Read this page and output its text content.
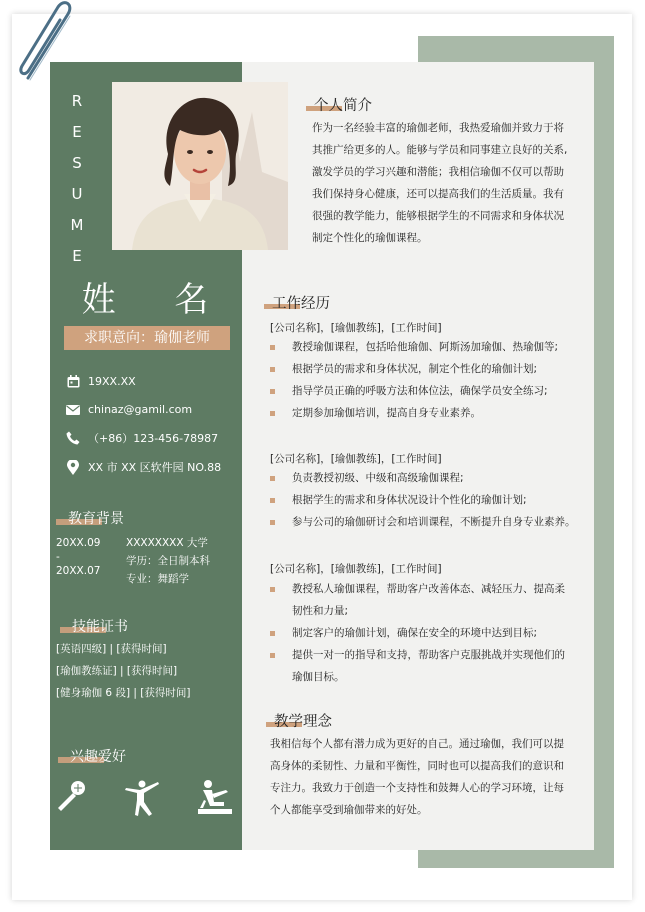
R
E
S
U
M
E
姓 名
求职意向：瑜伽老师
19XX.XX
chinaz@gamil.com
（+86）123-456-78987
XX 市 XX 区软件园 NO.88
教育背景
20XX.09
-
20XX.07
XXXXXXXX 大学
学历：全日制本科
专业：舞蹈学
技能证书
[英语四级] | [获得时间]
[瑜伽教练证] | [获得时间]
[健身瑜伽 6 段] | [获得时间]
兴趣爱好
个人简介
作为一名经验丰富的瑜伽老师，我热爱瑜伽并致力于将
其推广给更多的人。能够与学员和同事建立良好的关系,
激发学员的学习兴趣和潜能；我相信瑜伽不仅可以帮助
我们保持身心健康，还可以提高我们的生活质量。我有
很强的教学能力，能够根据学生的不同需求和身体状况
制定个性化的瑜伽课程。
工作经历
[公司名称]，[瑜伽教练]，[工作时间]
教授瑜伽课程，包括哈他瑜伽、阿斯汤加瑜伽、热瑜伽等;
根据学员的需求和身体状况，制定个性化的瑜伽计划;
指导学员正确的呼吸方法和体位法，确保学员安全练习;
定期参加瑜伽培训，提高自身专业素养。
[公司名称]，[瑜伽教练]，[工作时间]
负责教授初级、中级和高级瑜伽课程;
根据学生的需求和身体状况设计个性化的瑜伽计划;
参与公司的瑜伽研讨会和培训课程，不断提升自身专业素养。
[公司名称]，[瑜伽教练]，[工作时间]
教授私人瑜伽课程，帮助客户改善体态、减轻压力、提高柔
韧性和力量;
制定客户的瑜伽计划，确保在安全的环境中达到目标;
提供一对一的指导和支持，帮助客户克服挑战并实现他们的
瑜伽目标。
教学理念
我相信每个人都有潜力成为更好的自己。通过瑜伽，我们可以提
高身体的柔韧性、力量和平衡性，同时也可以提高我们的意识和
专注力。我致力于创造一个支持性和鼓舞人心的学习环境，让每
个人都能享受到瑜伽带来的好处。
